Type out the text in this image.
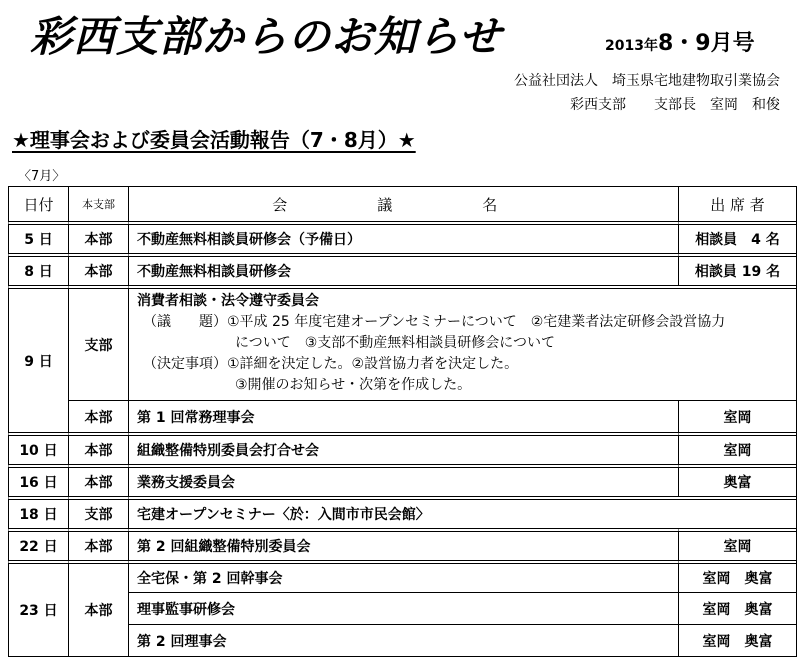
彩西支部からのお知らせ	2013年8・9月号
公益社団法人　埼玉県宅地建物取引業協会
彩西支部　　支部長　室岡　和俊
★理事会および委員会活動報告（7・8月）★
〈7月〉
日付	本支部	会　議　名	出 席 者
5 日	本部	不動産無料相談員研修会（予備日）	相談員　4 名
8 日	本部	不動産無料相談員研修会	相談員 19 名
9 日	支部	消費者相談・法令遵守委員会
（議　　題）①平成 25 年度宅建オープンセミナーについて　②宅建業者法定研修会設営協力
について　③支部不動産無料相談員研修会について
（決定事項）①詳細を決定した。②設営協力者を決定した。
③開催のお知らせ・次第を作成した。	

	本部	第 1 回常務理事会	室岡
10 日	本部	組織整備特別委員会打合せ会	室岡
16 日	本部	業務支援委員会	奥富
18 日	支部	宅建オープンセミナー〈於：入間市市民会館〉	
22 日	本部	第 2 回組織整備特別委員会	室岡
23 日	本部	全宅保・第 2 回幹事会	室岡　奥富
		理事監事研修会	室岡　奥富
		第 2 回理事会	室岡　奥富
